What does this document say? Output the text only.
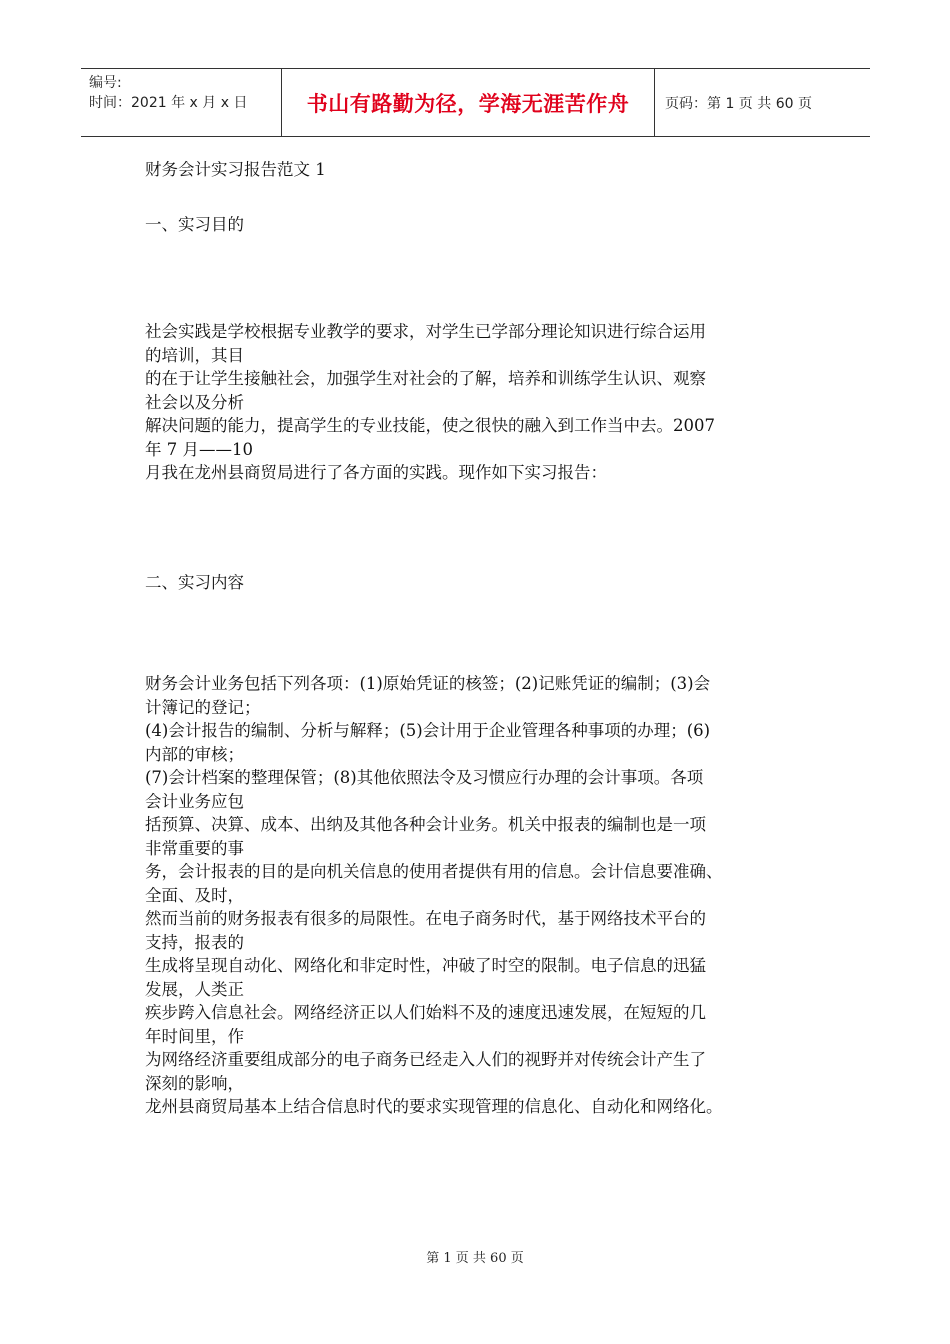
编号:
时间：2021 年 x 月 x 日	书山有路勤为径，学海无涯苦作舟	页码：第 1 页 共 60 页
财务会计实习报告范文 1
一、实习目的
社会实践是学校根据专业教学的要求，对学生已学部分理论知识进行综合运用
的培训，其目
的在于让学生接触社会，加强学生对社会的了解，培养和训练学生认识、观察
社会以及分析
解决问题的能力，提高学生的专业技能，使之很快的融入到工作当中去。2007
年 7 月——10
月我在龙州县商贸局进行了各方面的实践。现作如下实习报告：
二、实习内容
财务会计业务包括下列各项：(1)原始凭证的核签；(2)记账凭证的编制；(3)会
计簿记的登记；
(4)会计报告的编制、分析与解释；(5)会计用于企业管理各种事项的办理；(6)
内部的审核；
(7)会计档案的整理保管；(8)其他依照法令及习惯应行办理的会计事项。各项
会计业务应包
括预算、决算、成本、出纳及其他各种会计业务。机关中报表的编制也是一项
非常重要的事
务，会计报表的目的是向机关信息的使用者提供有用的信息。会计信息要准确、
全面、及时，
然而当前的财务报表有很多的局限性。在电子商务时代，基于网络技术平台的
支持，报表的
生成将呈现自动化、网络化和非定时性，冲破了时空的限制。电子信息的迅猛
发展，人类正
疾步跨入信息社会。网络经济正以人们始料不及的速度迅速发展，在短短的几
年时间里，作
为网络经济重要组成部分的电子商务已经走入人们的视野并对传统会计产生了
深刻的影响，
龙州县商贸局基本上结合信息时代的要求实现管理的信息化、自动化和网络化。
第 1 页 共 60 页
